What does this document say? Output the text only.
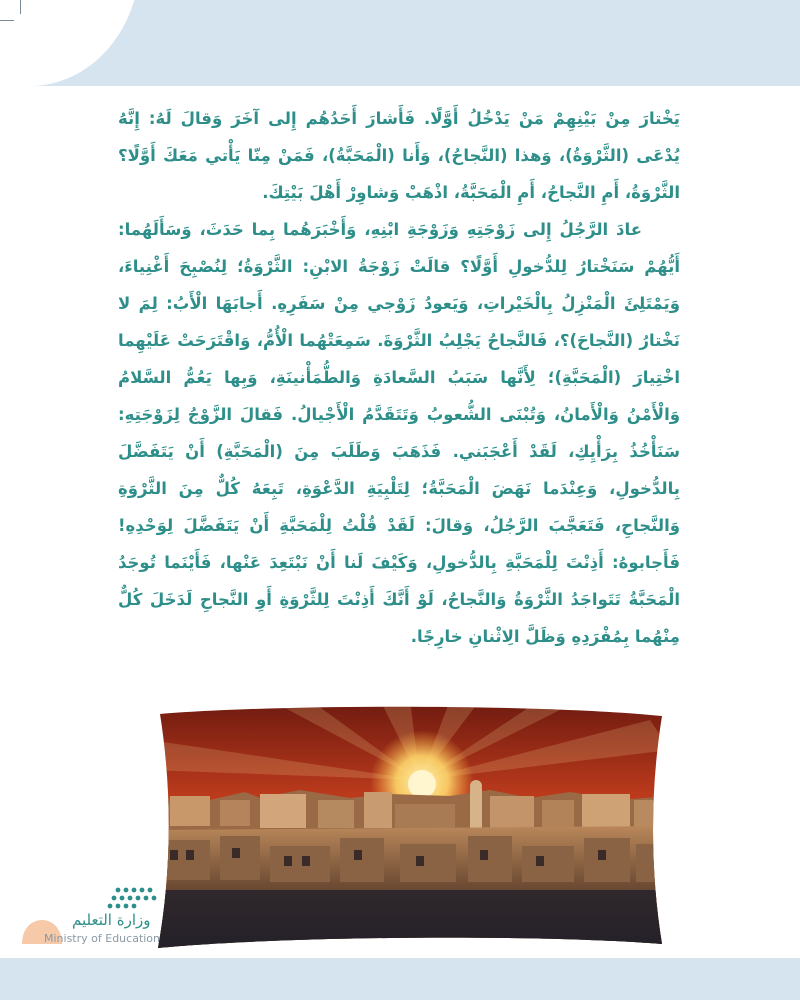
يَخْتارَ مِنْ بَيْنِهِمْ مَنْ يَدْخُلُ أَوَّلًا. فَأَشارَ أَحَدُهُم إِلى آخَرَ وَقالَ لَهُ: إِنَّهُ يُدْعَى (الثَّرْوَةُ)، وَهذا (النَّجاحُ)، وَأَنا (الْمَحَبَّةُ)، فَمَنْ مِنّا يَأْتي مَعَكَ أَوَّلًا؟ الثَّرْوَةُ، أَمِ النَّجاحُ، أَمِ الْمَحَبَّةُ، اذْهَبْ وَشاوِرْ أَهْلَ بَيْتِكَ.

عادَ الرَّجُلُ إِلى زَوْجَتِهِ وَزَوْجَةِ ابْنِهِ، وَأَخْبَرَهُما بِما حَدَثَ، وَسَأَلَهُما: أَيُّهُمْ سَنَخْتارُ لِلدُّخولِ أَوَّلًا؟ قالَتْ زَوْجَةُ الابْنِ: الثَّرْوَةُ؛ لِنُصْبِحَ أَغْنِياءَ، وَيَمْتَلِئَ الْمَنْزِلُ بِالْخَيْراتِ، وَيَعودُ زَوْجي مِنْ سَفَرِهِ. أَجابَهَا الْأَبُ: لِمَ لا نَخْتارُ (النَّجاحَ)؟، فَالنَّجاحُ يَجْلِبُ الثَّرْوَةَ. سَمِعَتْهُما الْأُمُّ، وَاقْتَرَحَتْ عَلَيْهِما اخْتِيارَ (الْمَحَبَّةِ)؛ لِأَنَّها سَبَبُ السَّعادَةِ وَالطُّمَأْنينَةِ، وَبِها يَعُمُّ السَّلامُ وَالْأَمْنُ وَالْأَمانُ، وَتُبْنَى الشُّعوبُ وَتَتَقَدَّمُ الْأَجْيالُ. فَقالَ الزَّوْجُ لِزَوْجَتِهِ: سَنَأْخُذُ بِرَأْيِكِ، لَقَدْ أَعْجَبَني. فَذَهَبَ وَطَلَبَ مِنَ (الْمَحَبَّةِ) أَنْ يَتَفَضَّلَ بِالدُّخولِ، وَعِنْدَما نَهَضَ الْمَحَبَّةُ؛ لِتَلْبِيَةِ الدَّعْوَةِ، تَبِعَهُ كُلٌّ مِنَ الثَّرْوَةِ وَالنَّجاحِ، فَتَعَجَّبَ الرَّجُلُ، وَقالَ: لَقَدْ قُلْتُ لِلْمَحَبَّةِ أَنْ يَتَفَضَّلَ لِوَحْدِهِ! فَأَجابوهُ: أَذِنْتَ لِلْمَحَبَّةِ بِالدُّخولِ، وَكَيْفَ لَنا أَنْ نَبْتَعِدَ عَنْها، فَأَيْنَما تُوجَدُ الْمَحَبَّةُ تَتَواجَدُ الثَّرْوَةُ وَالنَّجاحُ، لَوْ أَنَّكَ أَذِنْتَ لِلثَّرْوَةِ أَوِ النَّجاحِ لَدَخَلَ كُلٌّ مِنْهُما بِمُفْرَدِهِ وَظَلَّ الِاثْنانِ خارِجًا.

وزارة التعليم
Ministry of Education
